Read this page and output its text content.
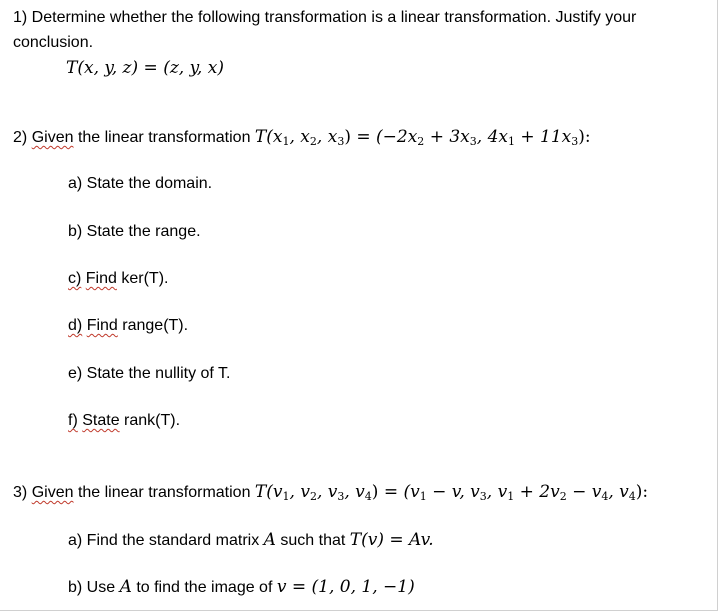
1) Determine whether the following transformation is a linear transformation. Justify your
conclusion.
T(x, y, z) = (z, y, x)
2) Given the linear transformation $T(x_1$, $x_2$, $x_3) = (-2x_2 + 3x_3$, $4x_1 + 11x_3$):
a) State the domain.
b) State the range.
c) Find ker(T).
d) Find range(T).
e) State the nullity of T.
f) State rank(T).
3) Given the linear transformation $T(v_1$, $v_2$, $v_3$, $v_4) = (v_1 - v$, $v_3$, $v_1 + 2v_2 - v_4$, $v_4$):
a) Find the standard matrix A such that T(v) = Av.
b) Use A to find the image of v = (1, 0, 1, −1)
